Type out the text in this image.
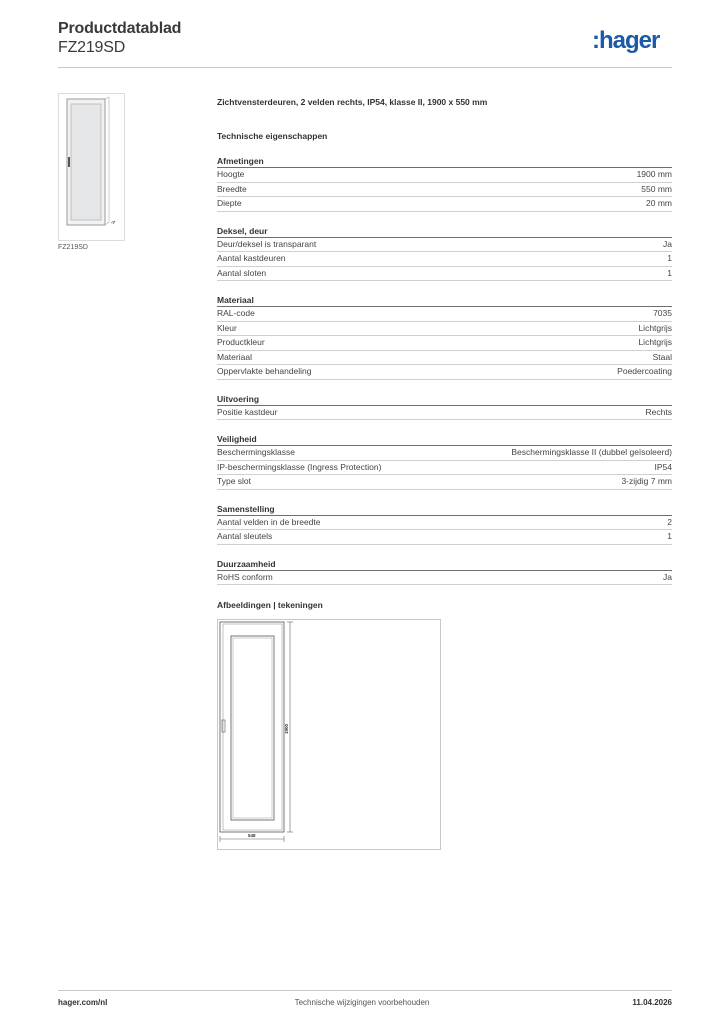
Productdatablad
FZ219SD	:hager
FZ219SD
Zichtvensterdeuren, 2 velden rechts, IP54, klasse II, 1900 x 550 mm
Technische eigenschappen
Afmetingen
Hoogte	1900 mm
Breedte	550 mm
Diepte	20 mm
Deksel, deur
Deur/deksel is transparant	Ja
Aantal kastdeuren	1
Aantal sloten	1
Materiaal
RAL-code	7035
Kleur	Lichtgrijs
Productkleur	Lichtgrijs
Materiaal	Staal
Oppervlakte behandeling	Poedercoating
Uitvoering
Positie kastdeur	Rechts
Veiligheid
Beschermingsklasse	Beschermingsklasse II (dubbel geïsoleerd)
IP-beschermingsklasse (Ingress Protection)	IP54
Type slot	3-zijdig 7 mm
Samenstelling
Aantal velden in de breedte	2
Aantal sleutels	1
Duurzaamheid
RoHS conform	Ja
Afbeeldingen | tekeningen
1900
548
hager.com/nl	Technische wijzigingen voorbehouden	11.04.2026
